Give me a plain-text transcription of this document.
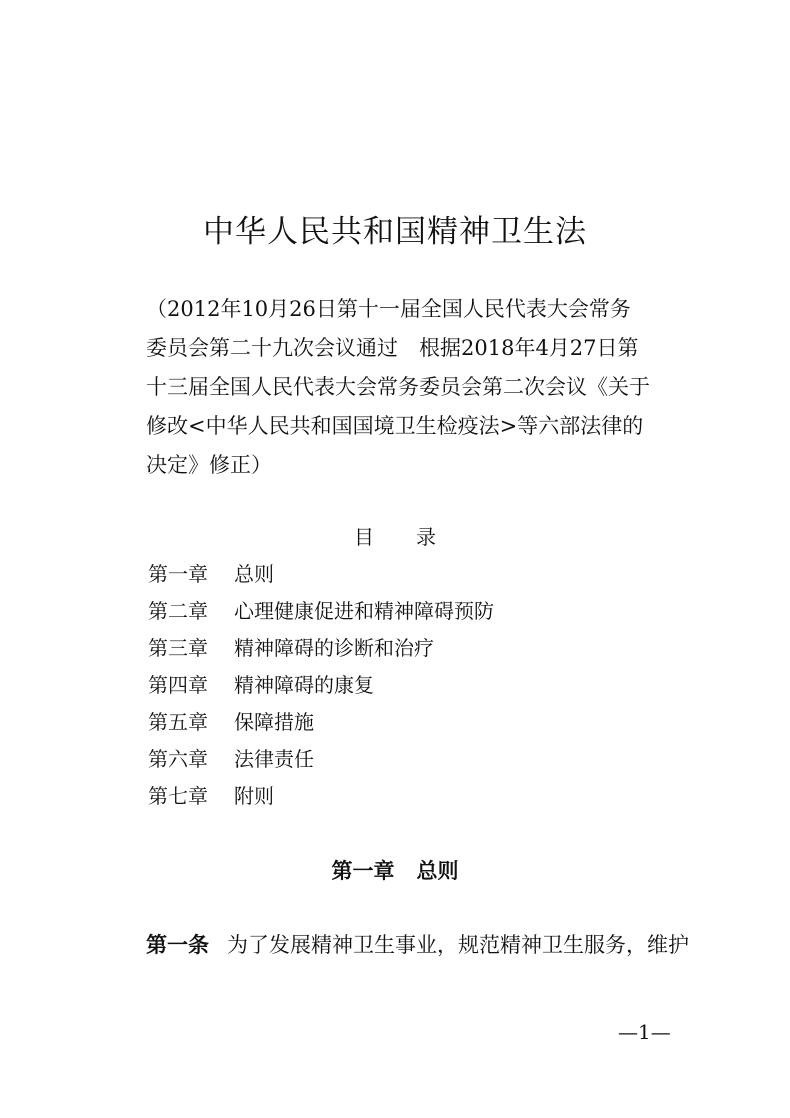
中华人民共和国精神卫生法
（2012年10月26日第十一届全国人民代表大会常务
委员会第二十九次会议通过　根据2018年4月27日第
十三届全国人民代表大会常务委员会第二次会议《关于
修改<中华人民共和国国境卫生检疫法>等六部法律的
决定》修正）
目录
第一章 总则
第二章 心理健康促进和精神障碍预防
第三章 精神障碍的诊断和治疗
第四章 精神障碍的康复
第五章 保障措施
第六章 法律责任
第七章 附则
第一章 总则
第一条 为了发展精神卫生事业，规范精神卫生服务，维护
—1—
